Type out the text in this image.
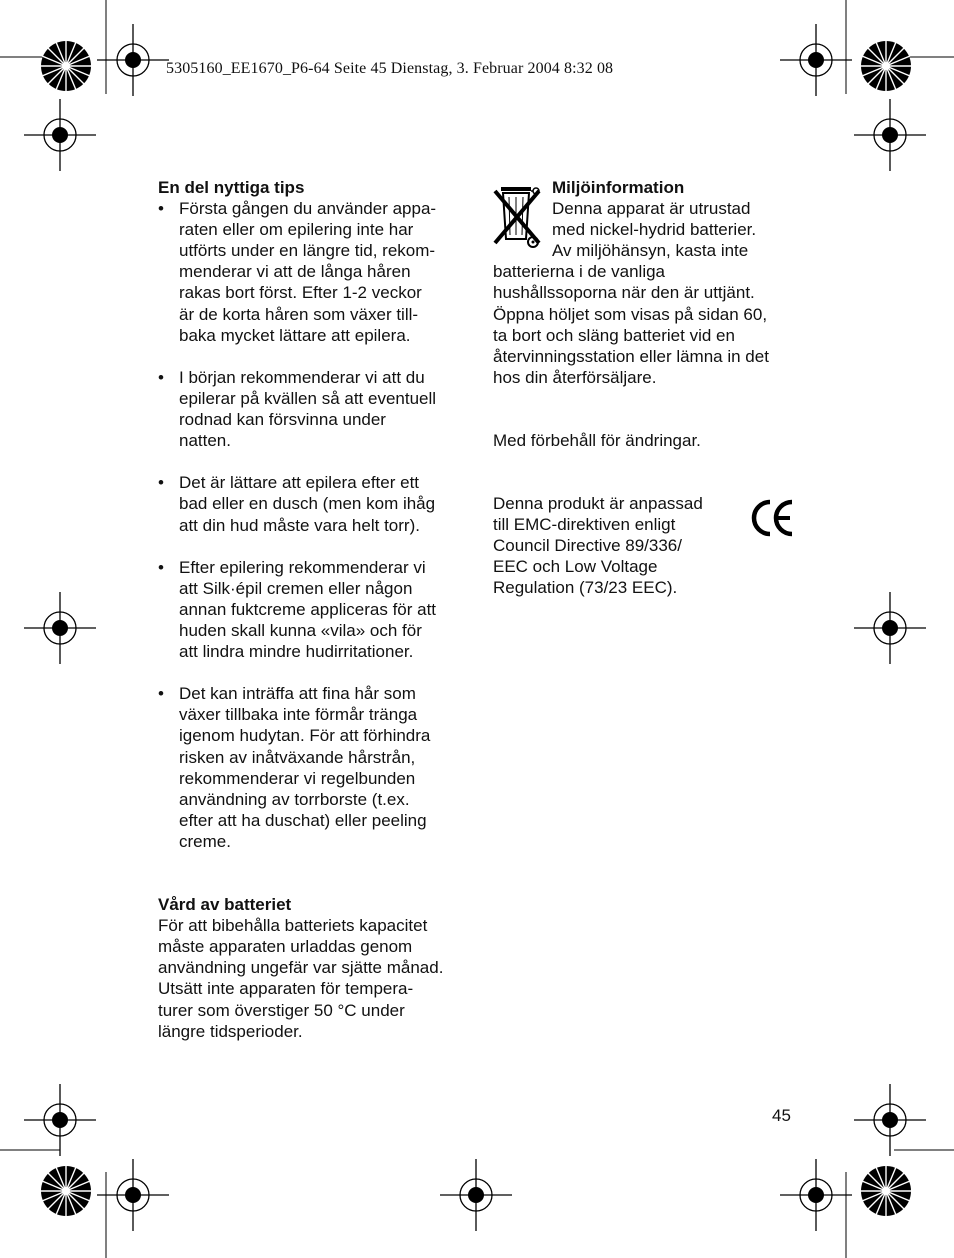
5305160_EE1670_P6-64 Seite 45 Dienstag, 3. Februar 2004 8:32 08
En del nyttiga tips
• Första gången du använder appa-
raten eller om epilering inte har
utförts under en längre tid, rekom-
menderar vi att de långa håren
rakas bort först. Efter 1-2 veckor
är de korta håren som växer till-
baka mycket lättare att epilera.
• I början rekommenderar vi att du
epilerar på kvällen så att eventuell
rodnad kan försvinna under
natten.
• Det är lättare att epilera efter ett
bad eller en dusch (men kom ihåg
att din hud måste vara helt torr).
• Efter epilering rekommenderar vi
att Silk·épil cremen eller någon
annan fuktcreme appliceras för att
huden skall kunna «vila» och för
att lindra mindre hudirritationer.
• Det kan inträffa att fina hår som
växer tillbaka inte förmår tränga
igenom hudytan. För att förhindra
risken av inåtväxande hårstrån,
rekommenderar vi regelbunden
användning av torrborste (t.ex.
efter att ha duschat) eller peeling
creme.
Vård av batteriet
För att bibehålla batteriets kapacitet
måste apparaten urladdas genom
användning ungefär var sjätte månad.
Utsätt inte apparaten för tempera-
turer som överstiger 50 °C under
längre tidsperioder.
Miljöinformation
Denna apparat är utrustad
med nickel-hydrid batterier.
Av miljöhänsyn, kasta inte
batterierna i de vanliga
hushållssoporna när den är uttjänt.
Öppna höljet som visas på sidan 60,
ta bort och släng batteriet vid en
återvinningsstation eller lämna in det
hos din återförsäljare.
Med förbehåll för ändringar.
Denna produkt är anpassad
till EMC-direktiven enligt
Council Directive 89/336/
EEC och Low Voltage
Regulation (73/23 EEC).
45
